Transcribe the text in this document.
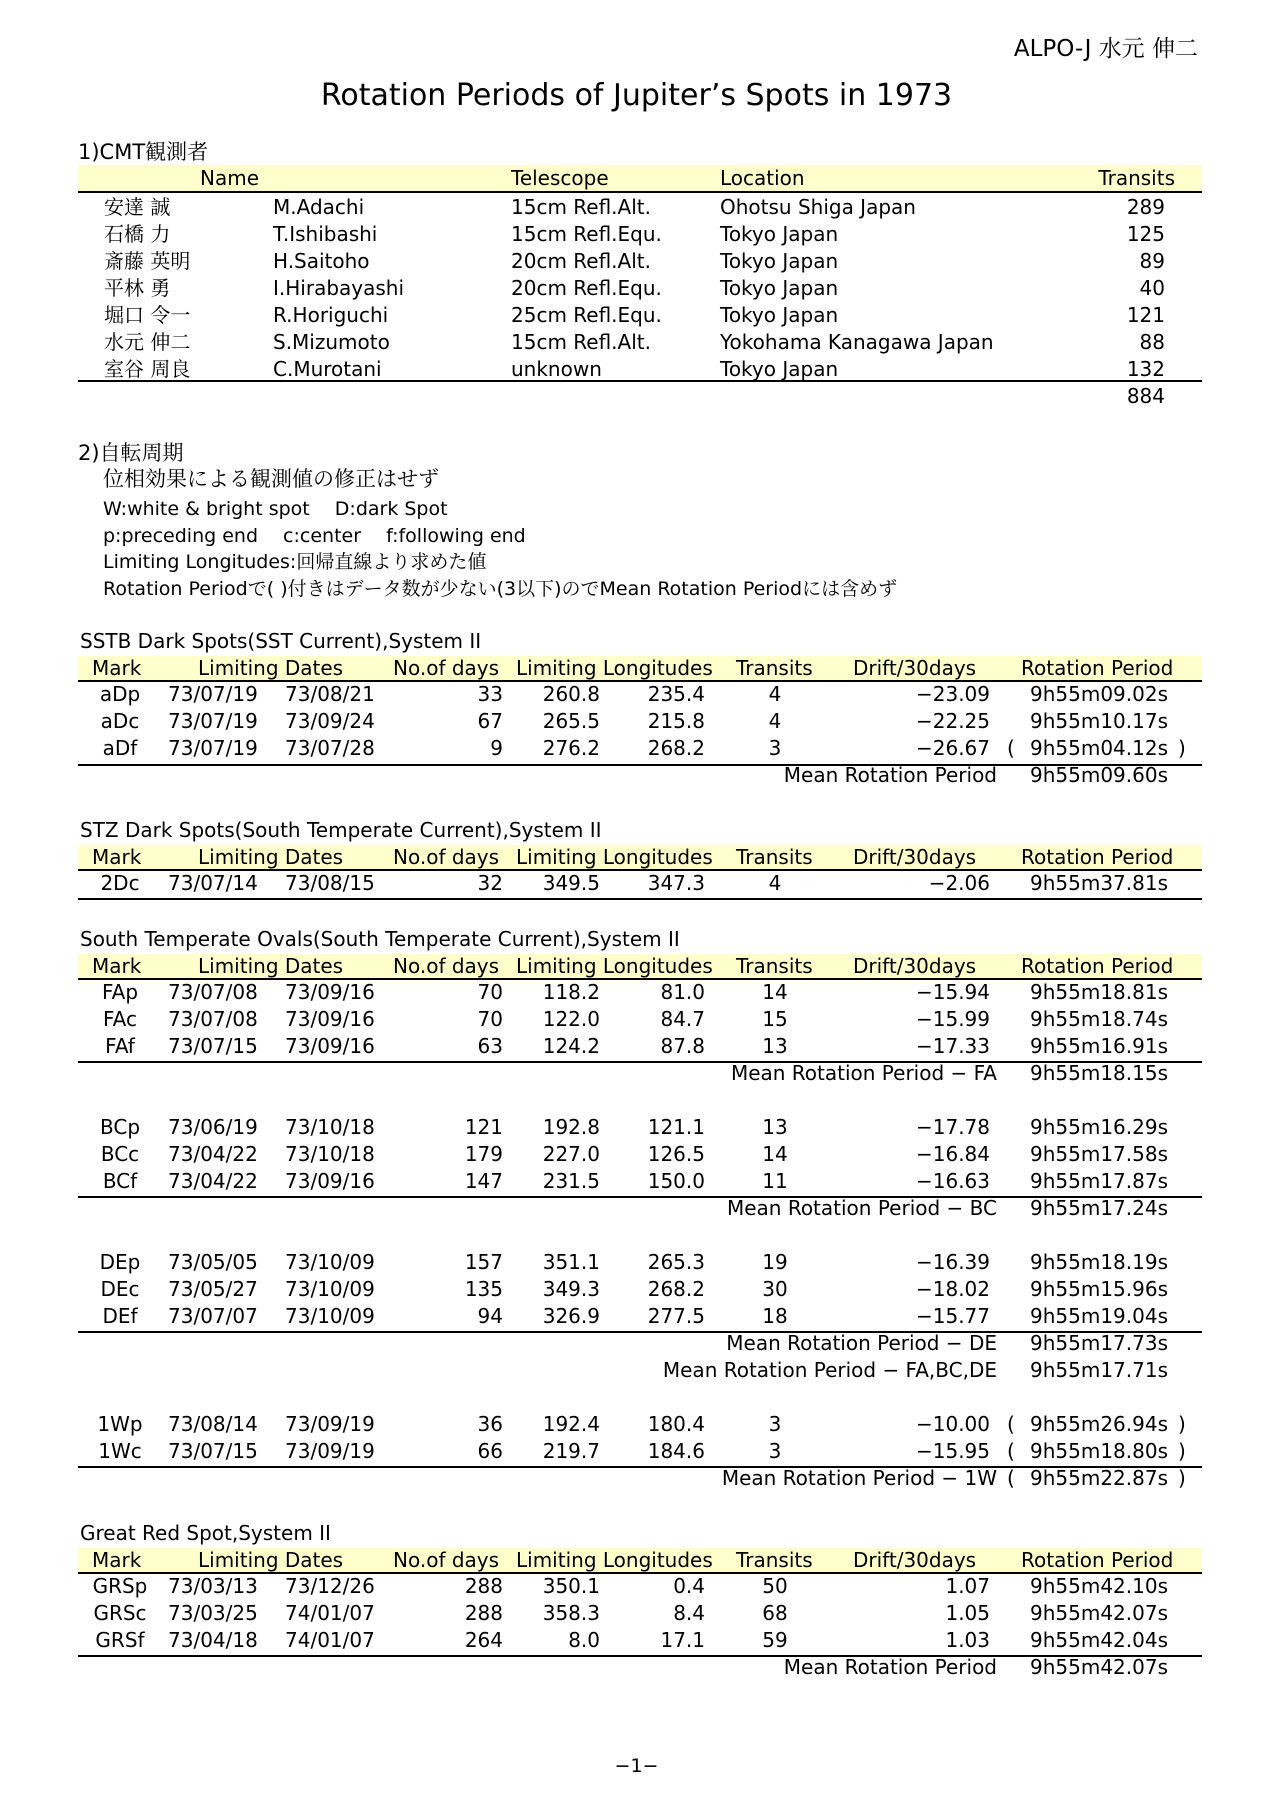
ALPO-J 水元 伸二
Rotation Periods of Jupiter’s Spots in 1973
1)CMT観測者
Name	Telescope	Location	Transits
安達 誠	M.Adachi	15cm Refl.Alt.	Ohotsu Shiga Japan	289
石橋 力	T.Ishibashi	15cm Refl.Equ.	Tokyo Japan	125
斎藤 英明	H.Saitoho	20cm Refl.Alt.	Tokyo Japan	89
平林 勇	I.Hirabayashi	20cm Refl.Equ.	Tokyo Japan	40
堀口 令一	R.Horiguchi	25cm Refl.Equ.	Tokyo Japan	121
水元 伸二	S.Mizumoto	15cm Refl.Alt.	Yokohama Kanagawa Japan	88
室谷 周良	C.Murotani	unknown	Tokyo Japan	132
884
2)自転周期
位相効果による観測値の修正はせず
W:white & bright spot　 D:dark Spot
p:preceding end　 c:center　 f:following end
Limiting Longitudes:回帰直線より求めた値
Rotation Periodで( )付きはデータ数が少ない(3以下)のでMean Rotation Periodには含めず
SSTB Dark Spots(SST Current),System II
Mark	Limiting Dates No.of days Limiting Longitudes Transits Drift/30days Rotation Period
aDp	73/07/19 73/08/21	33	260.8	235.4	4	−23.09 9h55m09.02s
aDc	73/07/19 73/09/24	67	265.5	215.8	4	−22.25 9h55m10.17s
aDf	73/07/19 73/07/28	9	276.2	268.2	3	−26.67 9h55m04.12s
(	)
Mean Rotation Period 9h55m09.60s
STZ Dark Spots(South Temperate Current),System II
Mark	Limiting Dates No.of days Limiting Longitudes Transits Drift/30days Rotation Period
2Dc	73/07/14 73/08/15	32	349.5	347.3	4	−2.06 9h55m37.81s
South Temperate Ovals(South Temperate Current),System II
Mark	Limiting Dates No.of days Limiting Longitudes Transits Drift/30days Rotation Period
FAp	73/07/08 73/09/16	70	118.2	81.0	14	−15.94 9h55m18.81s
FAc	73/07/08 73/09/16	70	122.0	84.7	15	−15.99 9h55m18.74s
FAf	73/07/15 73/09/16	63	124.2	87.8	13	−17.33 9h55m16.91s
Mean Rotation Period − FA 9h55m18.15s
BCp	73/06/19 73/10/18	121	192.8	121.1	13	−17.78 9h55m16.29s
BCc	73/04/22 73/10/18	179	227.0	126.5	14	−16.84 9h55m17.58s
BCf	73/04/22 73/09/16	147	231.5	150.0	11	−16.63 9h55m17.87s
Mean Rotation Period − BC 9h55m17.24s
DEp	73/05/05 73/10/09	157	351.1	265.3	19	−16.39 9h55m18.19s
DEc	73/05/27 73/10/09	135	349.3	268.2	30	−18.02 9h55m15.96s
DEf	73/07/07 73/10/09	94	326.9	277.5	18	−15.77 9h55m19.04s
Mean Rotation Period − DE 9h55m17.73s
Mean Rotation Period − FA,BC,DE 9h55m17.71s
1Wp	73/08/14 73/09/19	36	192.4	180.4	3	−10.00 9h55m26.94s
(	)
1Wc	73/07/15 73/09/19	66	219.7	184.6	3	−15.95 9h55m18.80s
(	)
Mean Rotation Period − 1W 9h55m22.87s
(	)
Great Red Spot,System II
Mark	Limiting Dates No.of days Limiting Longitudes Transits Drift/30days Rotation Period
GRSp	73/03/13 73/12/26	288	350.1	0.4	50	1.07 9h55m42.10s
GRSc	73/03/25 74/01/07	288	358.3	8.4	68	1.05 9h55m42.07s
GRSf	73/04/18 74/01/07	264	8.0	17.1	59	1.03 9h55m42.04s
Mean Rotation Period 9h55m42.07s
−1−
